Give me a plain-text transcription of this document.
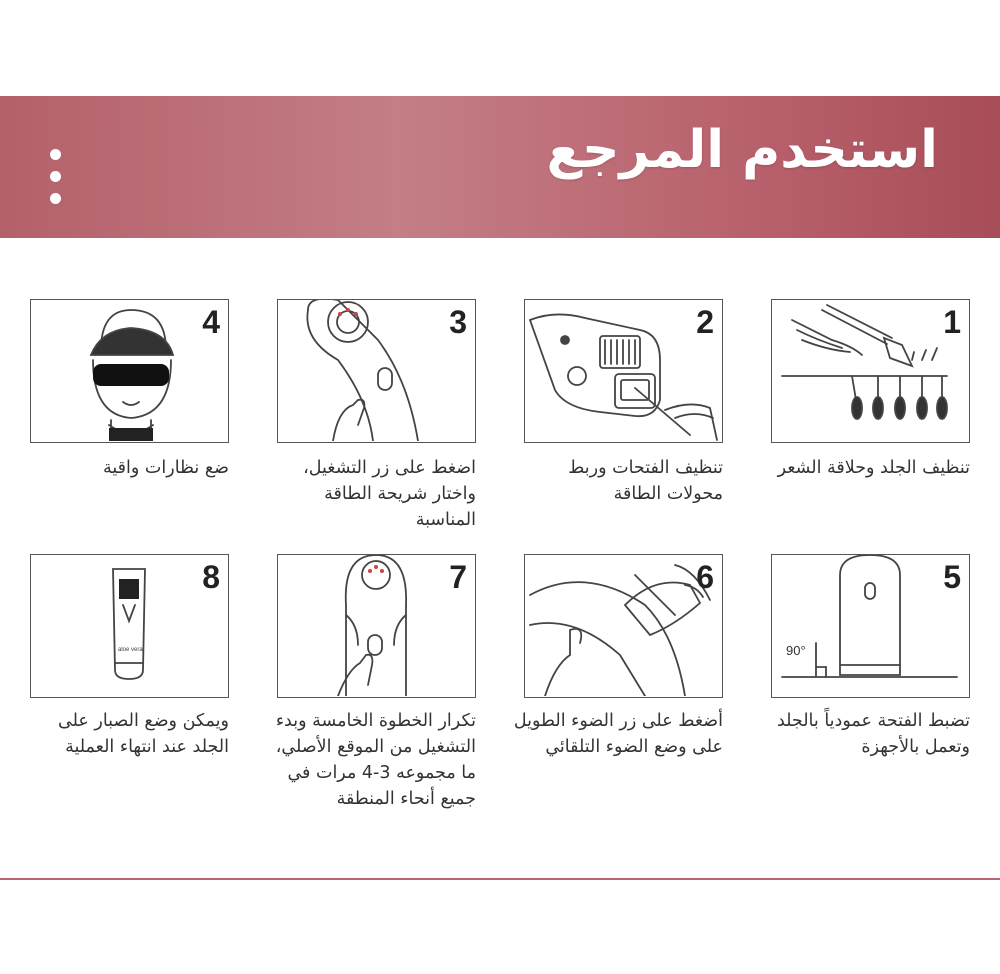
استخدم المرجع
1
2
3
4
تنظيف الجلد وحلاقة الشعر
تنظيف الفتحات وربط محولات الطاقة
اضغط على زر التشغيل، واختار شريحة الطاقة المناسبة
ضع نظارات واقية
90°
5
6
7
aloe vera
8
تضبط الفتحة عمودياً بالجلد وتعمل بالأجهزة
أضغط على زر الضوء الطويل على وضع الضوء التلقائي
تكرار الخطوة الخامسة وبدء التشغيل من الموقع الأصلي، ما مجموعه 3-4 مرات في جميع أنحاء المنطقة
ويمكن وضع الصبار على الجلد عند انتهاء العملية
